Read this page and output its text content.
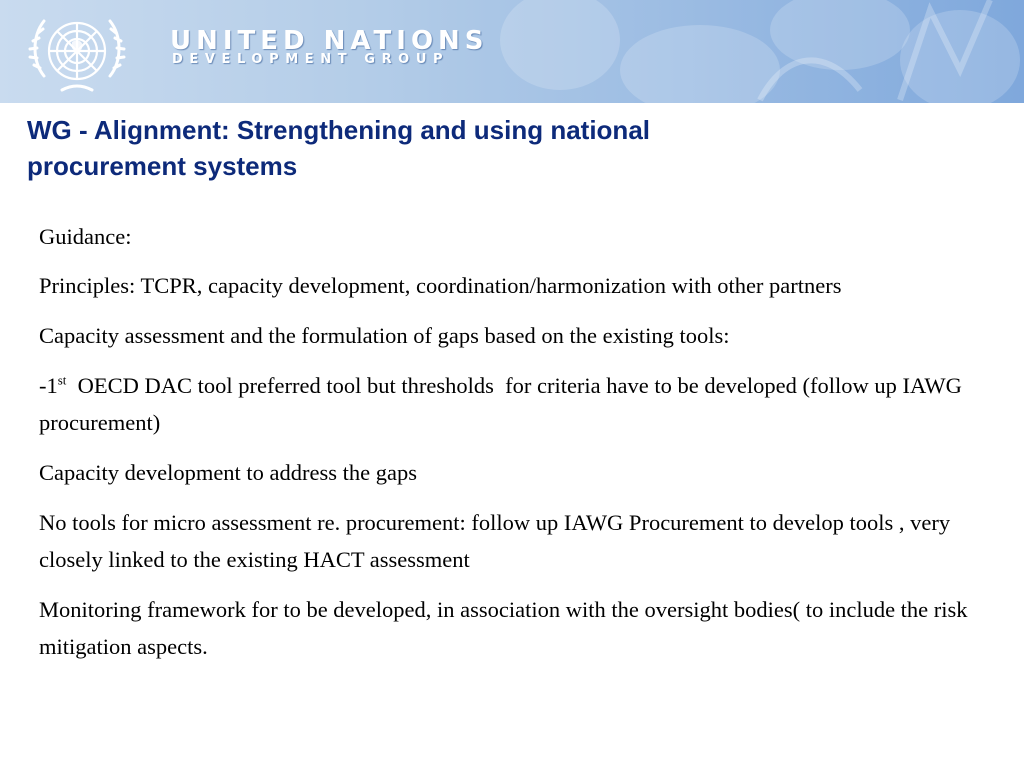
UNITED NATIONS
DEVELOPMENT GROUP
WG - Alignment: Strengthening and using national
procurement systems

Guidance:

Principles: TCPR, capacity development, coordination/harmonization with other partners

Capacity assessment and the formulation of gaps based on the existing tools:

-1st  OECD DAC tool preferred tool but thresholds  for criteria have to be developed (follow up IAWG procurement)

Capacity development to address the gaps

No tools for micro assessment re. procurement: follow up IAWG Procurement to develop tools , very closely linked to the existing HACT assessment

Monitoring framework for to be developed, in association with the oversight bodies( to include the risk mitigation aspects.
